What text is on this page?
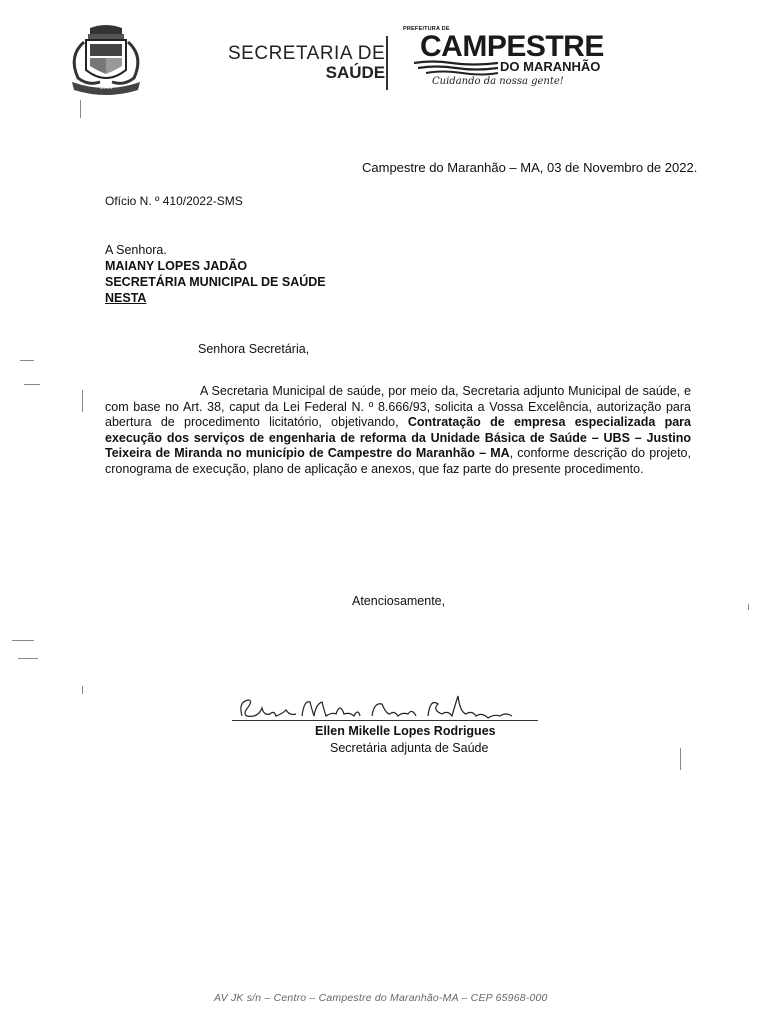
1965
SECRETARIA DE
SAÚDE
PREFEITURA DE
CAMPESTRE
DO MARANHÃO
Cuidando da nossa gente!
Campestre do Maranhão – MA, 03 de Novembro de 2022.
Ofício N. º 410/2022-SMS
A Senhora.
MAIANY LOPES JADÃO
SECRETÁRIA MUNICIPAL DE SAÚDE
NESTA
Senhora Secretária,
A Secretaria Municipal de saúde, por meio da, Secretaria adjunto Municipal de saúde, e com base no Art. 38, caput da Lei Federal N. º 8.666/93, solicita a Vossa Excelência, autorização para abertura de procedimento licitatório, objetivando, Contratação de empresa especializada para execução dos serviços de engenharia de reforma da Unidade Básica de Saúde – UBS – Justino Teixeira de Miranda no município de Campestre do Maranhão – MA, conforme descrição do projeto, cronograma de execução, plano de aplicação e anexos, que faz parte do presente procedimento.
Atenciosamente,
Ellen Mikelle Lopes Rodrigues
Secretária adjunta de Saúde
AV JK s/n – Centro – Campestre do Maranhão-MA – CEP 65968-000
